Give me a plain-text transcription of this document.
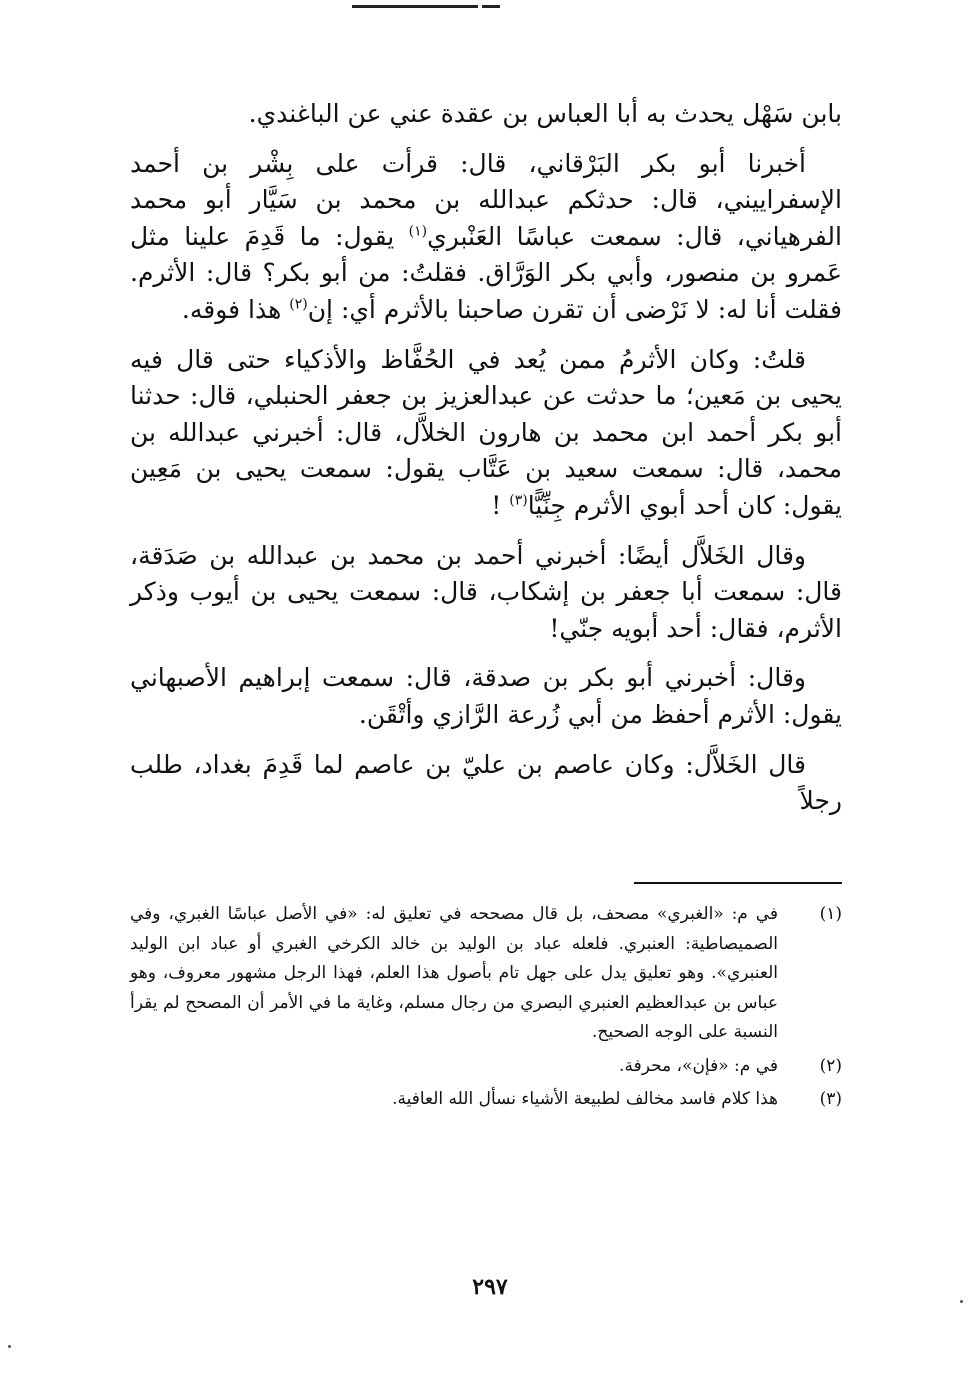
بابن سَهْل يحدث به أبا العباس بن عقدة عني عن الباغندي.

أخبرنا أبو بكر البَرْقاني، قال: قرأت على بِشْر بن أحمد الإسفراييني، قال: حدثكم عبدالله بن محمد بن سَيَّار أبو محمد الفرهياني، قال: سمعت عباسًا العَنْبري$^{(١)}$ يقول: ما قَدِمَ علينا مثل عَمرو بن منصور، وأبي بكر الوَرَّاق. فقلتُ: من أبو بكر؟ قال: الأثرم. فقلت أنا له: لا نَرْضى أن تقرن صاحبنا بالأثرم أي: إن$^{(٢)}$ هذا فوقه.

قلتُ: وكان الأثرمُ ممن يُعد في الحُفَّاظ والأذكياء حتى قال فيه يحيى بن مَعين؛ ما حدثت عن عبدالعزيز بن جعفر الحنبلي، قال: حدثنا أبو بكر أحمد ابن محمد بن هارون الخلاَّل، قال: أخبرني عبدالله بن محمد، قال: سمعت سعيد بن عَتَّاب يقول: سمعت يحيى بن مَعِين يقول: كان أحد أبوي الأثرم جِنِّيًّا$^{(٣)}$ !

وقال الخَلاَّل أيضًا: أخبرني أحمد بن محمد بن عبدالله بن صَدَقة، قال: سمعت أبا جعفر بن إشكاب، قال: سمعت يحيى بن أيوب وذكر الأثرم، فقال: أحد أبويه جنّي!

وقال: أخبرني أبو بكر بن صدقة، قال: سمعت إبراهيم الأصبهاني يقول: الأثرم أحفظ من أبي زُرعة الرَّازي وأتْقَن.

قال الخَلاَّل: وكان عاصم بن عليّ بن عاصم لما قَدِمَ بغداد، طلب رجلاً

(١)
في م: «الغبري» مصحف، بل قال مصححه في تعليق له: «في الأصل عباسًا الغبري، وفي الصميصاطية: العنبري. فلعله عباد بن الوليد بن خالد الكرخي الغبري أو عباد ابن الوليد العنبري». وهو تعليق يدل على جهل تام بأصول هذا العلم، فهذا الرجل مشهور معروف، وهو عباس بن عبدالعظيم العنبري البصري من رجال مسلم، وغاية ما في الأمر أن المصحح لم يقرأ النسبة على الوجه الصحيح.
(٢)
في م: «فإن»، محرفة.
(٣)
هذا كلام فاسد مخالف لطبيعة الأشياء نسأل الله العافية.
٢٩٧
